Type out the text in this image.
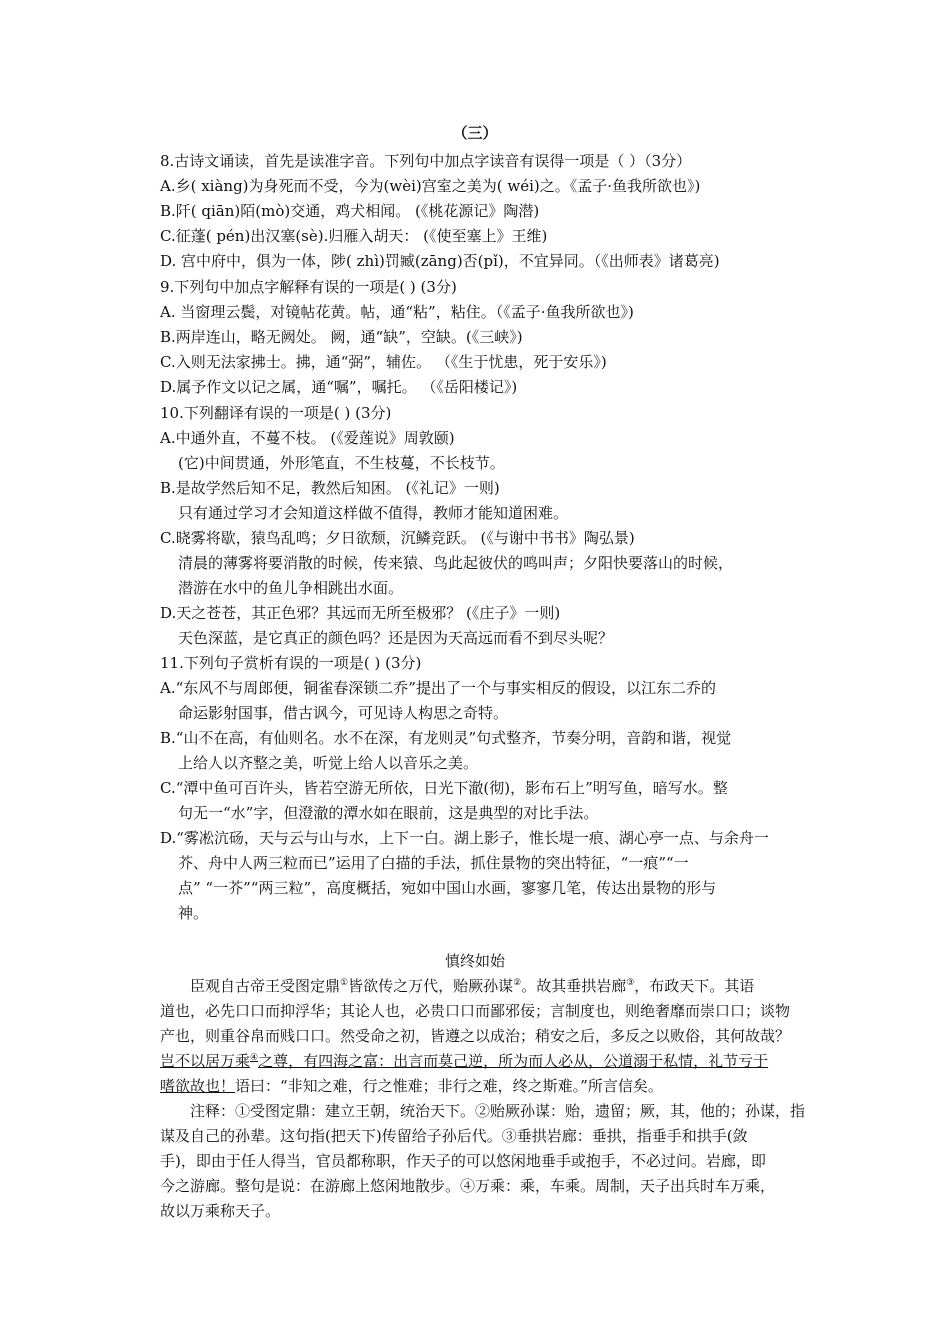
（三）
8.古诗文诵读，首先是读准字音。下列句中加点字读音有误得一项是（ ）（3分）
A.乡( xiàng)为身死而不受，今为(wèi)宫室之美为( wéi)之。《孟子·鱼我所欲也》)
B.阡( qiān)陌(mò)交通，鸡犬相闻。 (《桃花源记》陶潜)
C.征蓬( pén)出汉塞(sè).归雁入胡天： (《使至塞上》王维)
D. 宫中府中，俱为一体，陟( zhì)罚臧(zāng)否(pǐ)，不宜异同。（《出师表》诸葛亮)
9.下列句中加点字解释有误的一项是( ) (3分)
A. 当窗理云鬓，对镜帖花黄。帖，通“粘”，粘住。（《孟子·鱼我所欲也》)
B.两岸连山，略无阙处。 阙，通“缺”，空缺。(《三峡》)
C.入则无法家拂士。拂，通“弼”，辅佐。 （《生于忧患，死于安乐》)
D.属予作文以记之属，通“嘱”，嘱托。 （《岳阳楼记》)
10.下列翻译有误的一项是( ) (3分)
A.中通外直，不蔓不枝。 (《爱莲说》周敦颐)
(它)中间贯通，外形笔直，不生枝蔓，不长枝节。
B.是故学然后知不足，教然后知困。 (《礼记》一则)
只有通过学习才会知道这样做不值得，教师才能知道困难。
C.晓雾将歇，猿鸟乱鸣；夕日欲颓，沉鳞竞跃。 (《与谢中书书》陶弘景)
清晨的薄雾将要消散的时候，传来猿、鸟此起彼伏的鸣叫声；夕阳快要落山的时候，
潜游在水中的鱼儿争相跳出水面。
D.天之苍苍，其正色邪？其远而无所至极邪？ (《庄子》一则)
天色深蓝，是它真正的颜色吗？还是因为天高远而看不到尽头呢？
11.下列句子赏析有误的一项是( ) (3分)
A.“东风不与周郎便，铜雀春深锁二乔”提出了一个与事实相反的假设，以江东二乔的
命运影射国事，借古讽今，可见诗人构思之奇特。
B.“山不在高，有仙则名。水不在深，有龙则灵”句式整齐，节奏分明，音韵和谐，视觉
上给人以齐整之美，听觉上给人以音乐之美。
C.“潭中鱼可百许头，皆若空游无所依，日光下澈(彻)，影布石上”明写鱼，暗写水。整
句无一“水”字，但澄澈的潭水如在眼前，这是典型的对比手法。
D.“雾凇沆砀，天与云与山与水，上下一白。湖上影子，惟长堤一痕、湖心亭一点、与余舟一
芥、舟中人两三粒而已”运用了白描的手法，抓住景物的突出特征，“一痕”“一
点” “一芥”“两三粒”，高度概括，宛如中国山水画，寥寥几笔，传达出景物的形与
神。
慎终如始
臣观自古帝王受图定鼎①皆欲传之万代，贻厥孙谋②。故其垂拱岩廊③，布政天下。其语
道也，必先口口而抑浮华；其论人也，必贵口口而鄙邪佞；言制度也，则绝奢靡而崇口口；谈物
产也，则重谷帛而贱口口。然受命之初，皆遵之以成治；稍安之后，多反之以败俗，其何故哉？
岂不以居万乘④之尊，有四海之富：出言而莫己逆，所为而人必从，公道溺于私情，礼节亏于
嗜欲故也！语曰：“非知之难，行之惟难；非行之难，终之斯难。”所言信矣。
注释：①受图定鼎：建立王朝，统治天下。②贻厥孙谋：贻，遗留；厥，其，他的；孙谋，指
谋及自己的孙辈。这句指(把天下)传留给子孙后代。③垂拱岩廊：垂拱，指垂手和拱手(敛
手)，即由于任人得当，官员都称职，作天子的可以悠闲地垂手或抱手，不必过问。岩廊，即
今之游廊。整句是说：在游廊上悠闲地散步。④万乘：乘，车乘。周制，天子出兵时车万乘，
故以万乘称天子。
